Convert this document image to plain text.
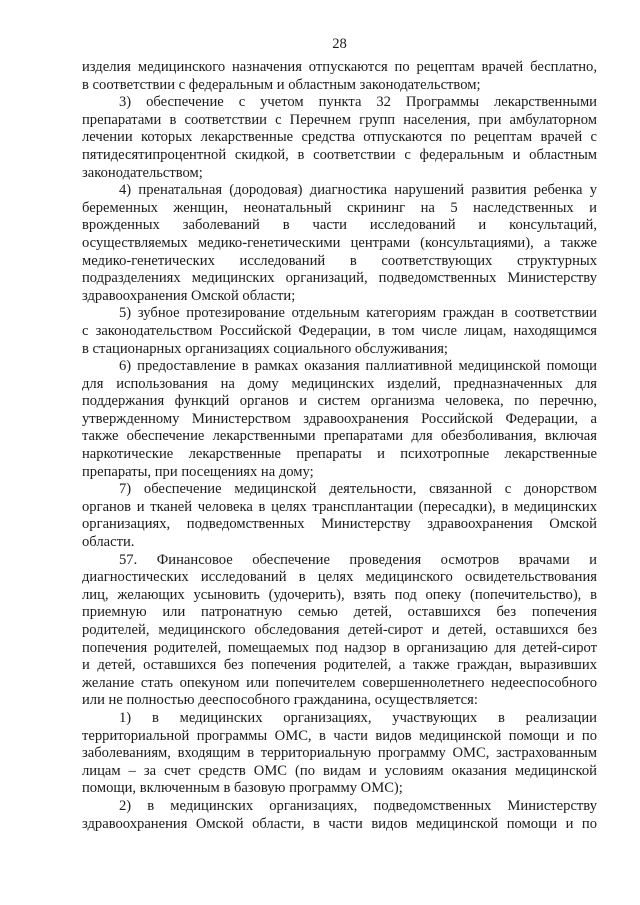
28
изделия медицинского назначения отпускаются по рецептам врачей бесплатно,
в соответствии с федеральным и областным законодательством;
3) обеспечение с учетом пункта 32 Программы лекарственными
препаратами в соответствии с Перечнем групп населения, при амбулаторном
лечении которых лекарственные средства отпускаются по рецептам врачей с
пятидесятипроцентной скидкой, в соответствии с федеральным и областным
законодательством;
4) пренатальная (дородовая) диагностика нарушений развития ребенка у
беременных женщин, неонатальный скрининг на 5 наследственных и
врожденных заболеваний в части исследований и консультаций,
осуществляемых медико-генетическими центрами (консультациями), а также
медико-генетических исследований в соответствующих структурных
подразделениях медицинских организаций, подведомственных Министерству
здравоохранения Омской области;
5) зубное протезирование отдельным категориям граждан в соответствии
с законодательством Российской Федерации, в том числе лицам, находящимся
в стационарных организациях социального обслуживания;
6) предоставление в рамках оказания паллиативной медицинской помощи
для использования на дому медицинских изделий, предназначенных для
поддержания функций органов и систем организма человека, по перечню,
утвержденному Министерством здравоохранения Российской Федерации, а
также обеспечение лекарственными препаратами для обезболивания, включая
наркотические лекарственные препараты и психотропные лекарственные
препараты, при посещениях на дому;
7) обеспечение медицинской деятельности, связанной с донорством
органов и тканей человека в целях трансплантации (пересадки), в медицинских
организациях, подведомственных Министерству здравоохранения Омской
области.
57. Финансовое обеспечение проведения осмотров врачами и
диагностических исследований в целях медицинского освидетельствования
лиц, желающих усыновить (удочерить), взять под опеку (попечительство), в
приемную или патронатную семью детей, оставшихся без попечения
родителей, медицинского обследования детей-сирот и детей, оставшихся без
попечения родителей, помещаемых под надзор в организацию для детей-сирот
и детей, оставшихся без попечения родителей, а также граждан, выразивших
желание стать опекуном или попечителем совершеннолетнего недееспособного
или не полностью дееспособного гражданина, осуществляется:
1) в медицинских организациях, участвующих в реализации
территориальной программы ОМС, в части видов медицинской помощи и по
заболеваниям, входящим в территориальную программу ОМС, застрахованным
лицам – за счет средств ОМС (по видам и условиям оказания медицинской
помощи, включенным в базовую программу ОМС);
2) в медицинских организациях, подведомственных Министерству
здравоохранения Омской области, в части видов медицинской помощи и по
